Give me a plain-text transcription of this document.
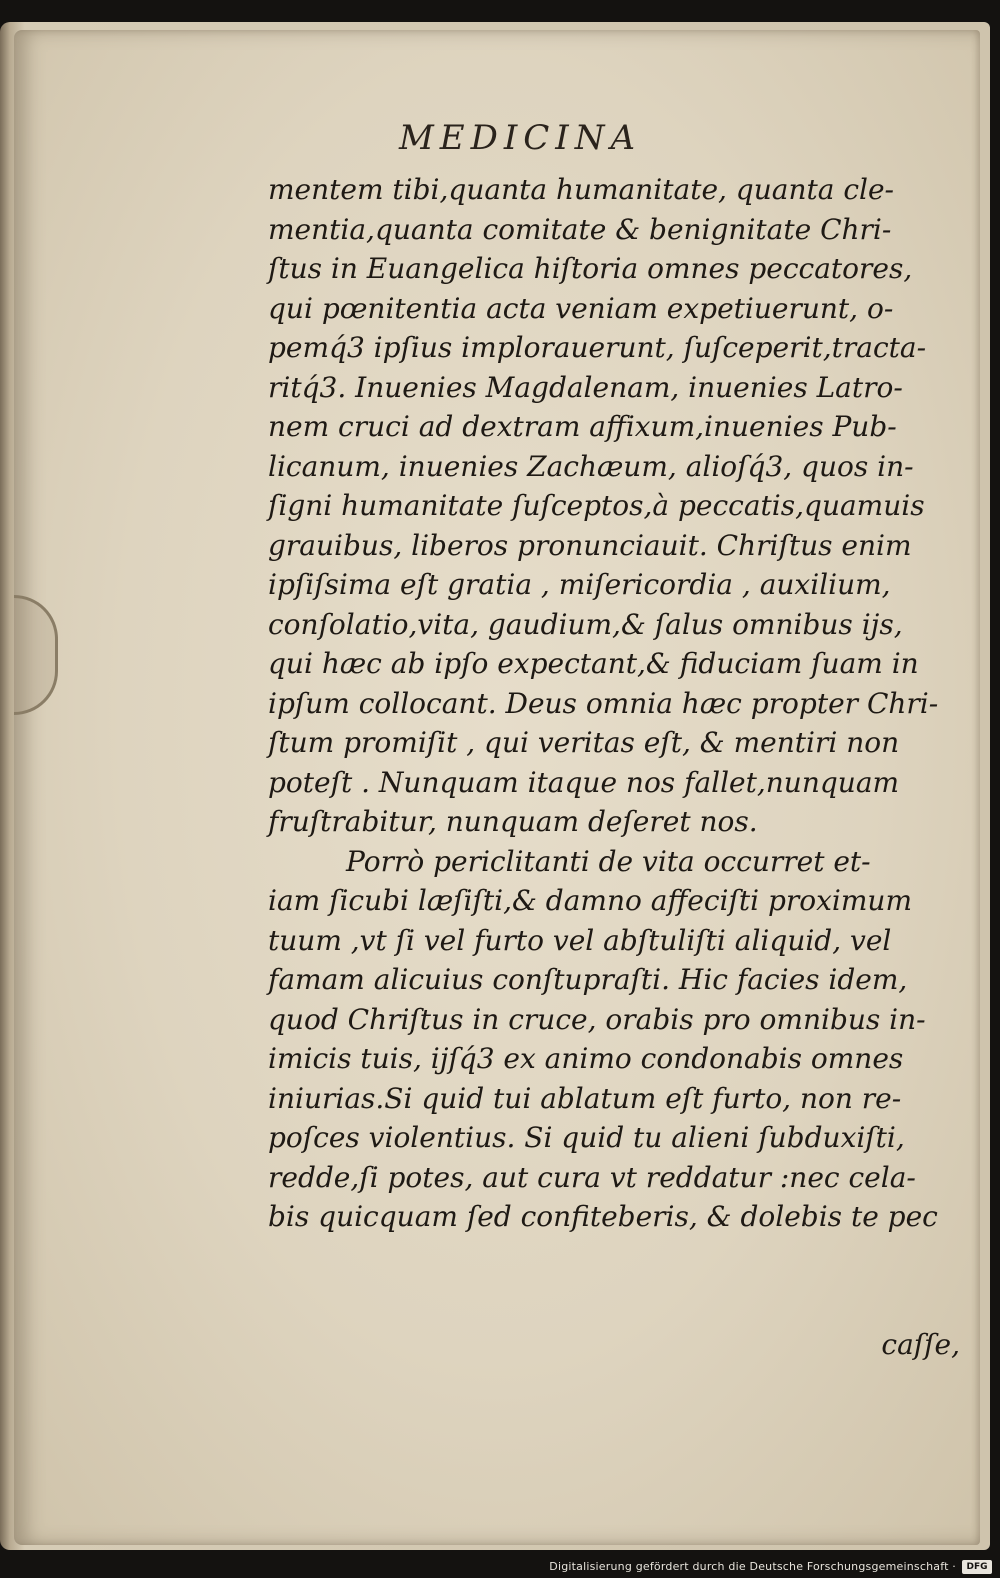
MEDICINA
mentem tibi,quanta humanitate, quanta cle-
mentia,quanta comitate & benignitate Chri-
ſtus in Euangelica hiſtoria omnes peccatores,
qui pœnitentia acta veniam expetiuerunt, o-
pemq́3 ipſius implorauerunt, ſuſceperit,tracta-
ritq́3. Inuenies Magdalenam, inuenies Latro-
nem cruci ad dextram affixum,inuenies Pub-
licanum, inuenies Zachæum, alioſq́3, quos in-
ſigni humanitate ſuſceptos,à peccatis,quamuis
grauibus, liberos pronunciauit. Chriſtus enim
ipſiſsima eſt gratia , miſericordia , auxilium,
conſolatio,vita, gaudium,& ſalus omnibus ijs,
qui hæc ab ipſo expectant,& fiduciam ſuam in
ipſum collocant. Deus omnia hæc propter Chri-
ſtum promiſit , qui veritas eſt, & mentiri non
poteſt . Nunquam itaque nos fallet,nunquam
fruſtrabitur, nunquam deſeret nos.
Porrò periclitanti de vita occurret et-
iam ſicubi læſiſti,& damno affeciſti proximum
tuum ,vt ſi vel furto vel abſtuliſti aliquid, vel
famam alicuius conſtupraſti. Hic facies idem,
quod Chriſtus in cruce, orabis pro omnibus in-
imicis tuis, ijſq́3 ex animo condonabis omnes
iniurias.Si quid tui ablatum eſt furto, non re-
poſces violentius. Si quid tu alieni ſubduxiſti,
redde,ſi potes, aut cura vt reddatur :nec cela-
bis quicquam ſed confiteberis, & dolebis te pec
caſſe,
Digitalisierung gefördert durch die Deutsche Forschungsgemeinschaft ·	DFG
